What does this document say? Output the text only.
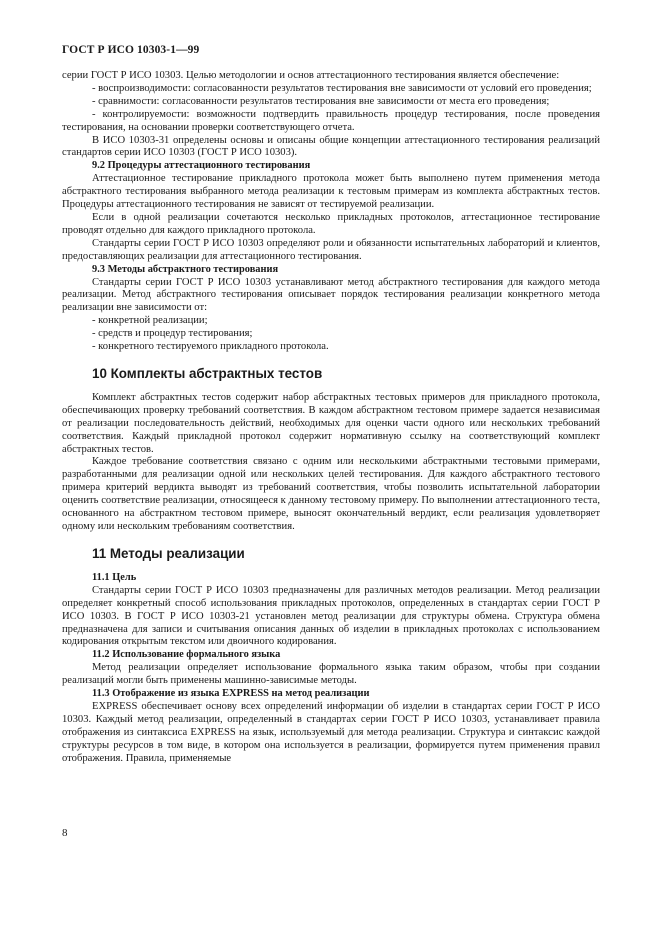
ГОСТ Р ИСО 10303-1—99

серии ГОСТ Р ИСО 10303. Целью методологии и основ аттестационного тестирования является обеспечение:

- воспроизводимости: согласованности результатов тестирования вне зависимости от условий его проведения;

- сравнимости: согласованности результатов тестирования вне зависимости от места его проведения;

- контролируемости: возможности подтвердить правильность процедур тестирования, после проведения тестирования, на основании проверки соответствующего отчета.

В ИСО 10303-31 определены основы и описаны общие концепции аттестационного тестирования реализаций стандартов серии ИСО 10303 (ГОСТ Р ИСО 10303).

9.2 Процедуры аттестационного тестирования

Аттестационное тестирование прикладного протокола может быть выполнено путем применения метода абстрактного тестирования выбранного метода реализации к тестовым примерам из комплекта абстрактных тестов. Процедуры аттестационного тестирования не зависят от тестируемой реализации.

Если в одной реализации сочетаются несколько прикладных протоколов, аттестационное тестирование проводят отдельно для каждого прикладного протокола.

Стандарты серии ГОСТ Р ИСО 10303 определяют роли и обязанности испытательных лабораторий и клиентов, предоставляющих реализации для аттестационного тестирования.

9.3 Методы абстрактного тестирования

Стандарты серии ГОСТ Р ИСО 10303 устанавливают метод абстрактного тестирования для каждого метода реализации. Метод абстрактного тестирования описывает порядок тестирования реализации конкретного метода реализации вне зависимости от:

- конкретной реализации;

- средств и процедур тестирования;

- конкретного тестируемого прикладного протокола.

10 Комплекты абстрактных тестов

Комплект абстрактных тестов содержит набор абстрактных тестовых примеров для прикладного протокола, обеспечивающих проверку требований соответствия. В каждом абстрактном тестовом примере задается независимая от реализации последовательность действий, необходимых для оценки части одного или нескольких требований соответствия. Каждый прикладной протокол содержит нормативную ссылку на соответствующий комплект абстрактных тестов.

Каждое требование соответствия связано с одним или несколькими абстрактными тестовыми примерами, разработанными для реализации одной или нескольких целей тестирования. Для каждого абстрактного тестового примера критерий вердикта выводят из требований соответствия, чтобы позволить испытательной лаборатории оценить соответствие реализации, относящееся к данному тестовому примеру. По выполнении аттестационного теста, основанного на абстрактном тестовом примере, выносят окончательный вердикт, если реализация удовлетворяет одному или нескольким требованиям соответствия.

11 Методы реализации

11.1 Цель

Стандарты серии ГОСТ Р ИСО 10303 предназначены для различных методов реализации. Метод реализации определяет конкретный способ использования прикладных протоколов, определенных в стандартах серии ГОСТ Р ИСО 10303. В ГОСТ Р ИСО 10303-21 установлен метод реализации для структуры обмена. Структура обмена предназначена для записи и считывания описания данных об изделии в прикладных протоколах с использованием кодирования открытым текстом или двоичного кодирования.

11.2 Использование формального языка

Метод реализации определяет использование формального языка таким образом, чтобы при создании реализаций могли быть применены машинно-зависимые методы.

11.3 Отображение из языка EXPRESS на метод реализации

EXPRESS обеспечивает основу всех определений информации об изделии в стандартах серии ГОСТ Р ИСО 10303. Каждый метод реализации, определенный в стандартах серии ГОСТ Р ИСО 10303, устанавливает правила отображения из синтаксиса EXPRESS на язык, используемый для метода реализации. Структура и синтаксис каждой структуры ресурсов в том виде, в котором она используется в реализации, формируется путем применения правил отображения. Правила, применяемые

8
